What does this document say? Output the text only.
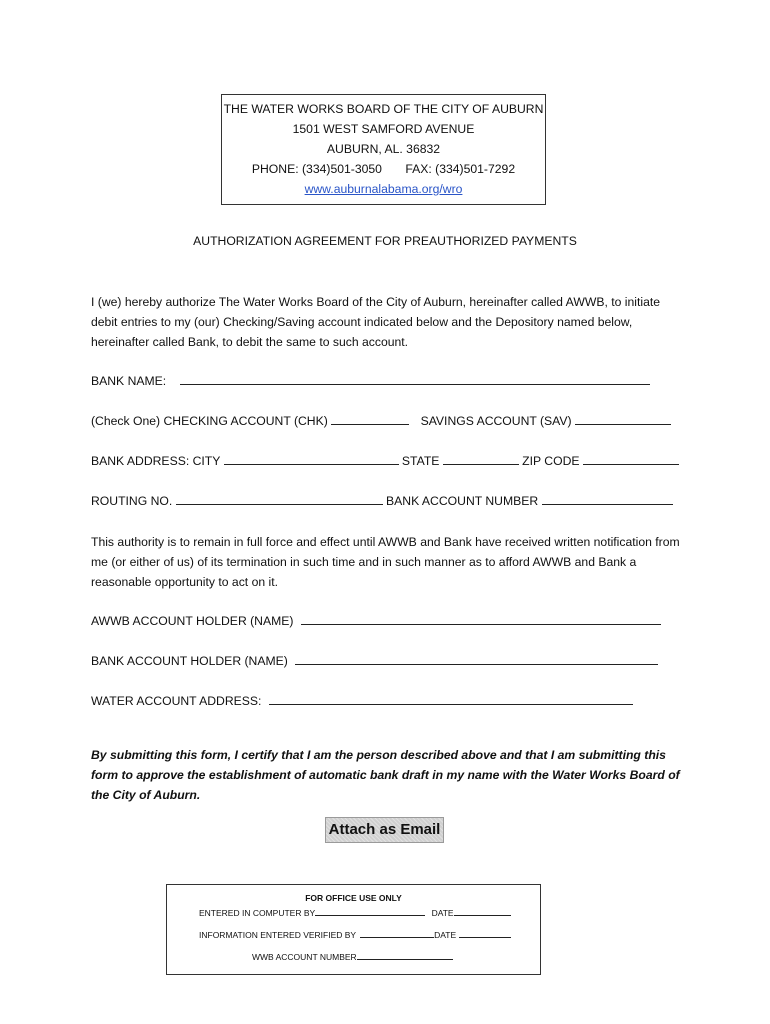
THE WATER WORKS BOARD OF THE CITY OF AUBURN
1501 WEST SAMFORD AVENUE
AUBURN, AL. 36832
PHONE: (334)501-3050 FAX: (334)501-7292
www.auburnalabama.org/wro
AUTHORIZATION AGREEMENT FOR PREAUTHORIZED PAYMENTS
I (we) hereby authorize The Water Works Board of the City of Auburn, hereinafter called AWWB, to initiate debit entries to my (our) Checking/Saving account indicated below and the Depository named below, hereinafter called Bank, to debit the same to such account.
BANK NAME:
(Check One) CHECKING ACCOUNT (CHK)	SAVINGS ACCOUNT (SAV)
BANK ADDRESS: CITY	STATE	ZIP CODE
ROUTING NO.	BANK ACCOUNT NUMBER
This authority is to remain in full force and effect until AWWB and Bank have received written notification from me (or either of us) of its termination in such time and in such manner as to afford AWWB and Bank a reasonable opportunity to act on it.
AWWB ACCOUNT HOLDER (NAME)
BANK ACCOUNT HOLDER (NAME)
WATER ACCOUNT ADDRESS:
By submitting this form, I certify that I am the person described above and that I am submitting this form to approve the establishment of automatic bank draft in my name with the Water Works Board of the City of Auburn.
Attach as Email
FOR OFFICE USE ONLY
ENTERED IN COMPUTER BY	DATE
INFORMATION ENTERED VERIFIED BY	DATE
WWB ACCOUNT NUMBER
